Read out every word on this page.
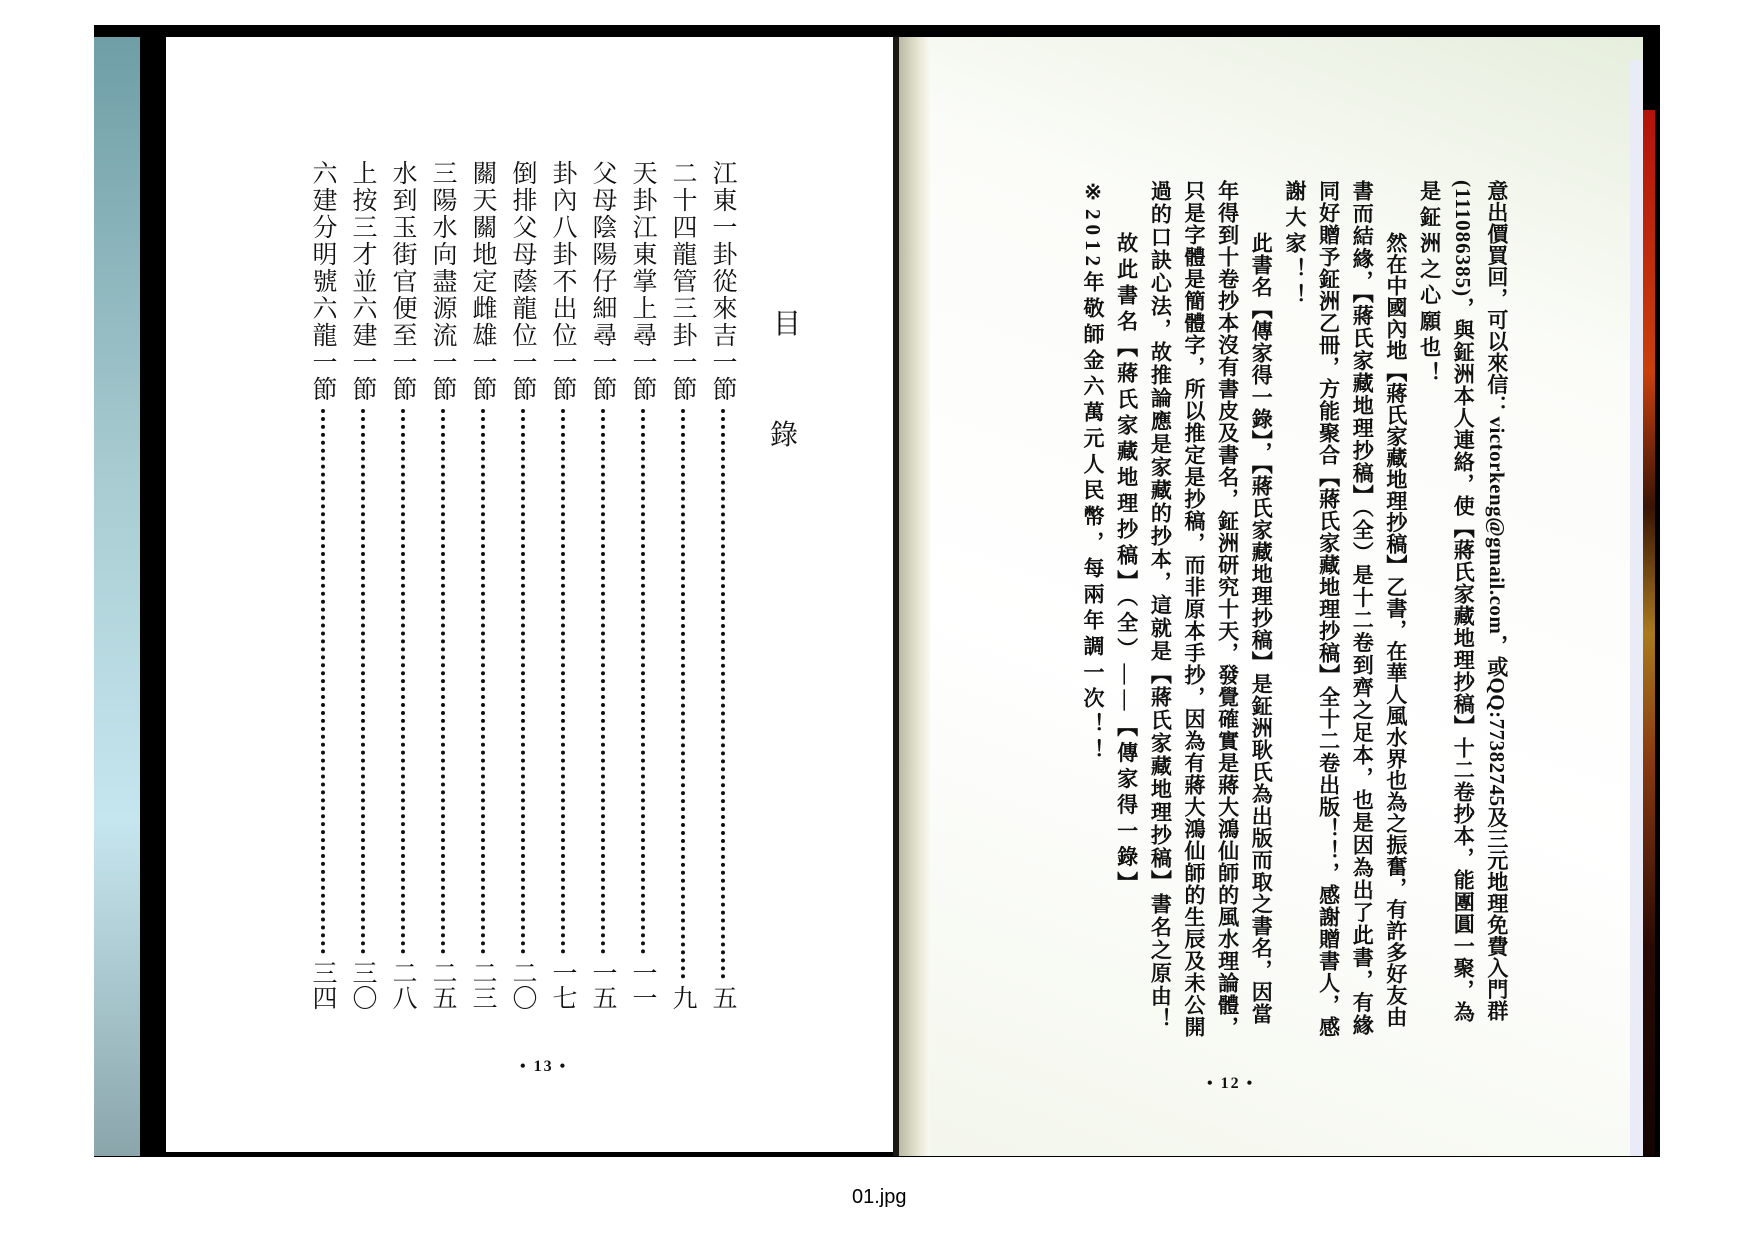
目
錄
江東一卦從來吉一節
五
二十四龍管三卦一節
九
天卦江東掌上尋一節
一一
父母陰陽仔細尋一節
一五
卦內八卦不出位一節
一七
倒排父母蔭龍位一節
二〇
關天關地定雌雄一節
二三
三陽水向盡源流一節
二五
水到玉街官便至一節
二八
上按三才並六建一節
三〇
六建分明號六龍一節
三四
• 13 •
意出價買回，可以來信：victorkeng@gmail.com，或QQ:77382745及三元地理免費入門群
(111086385)，與鉦洲本人連絡，使【蔣氏家藏地理抄稿】十二卷抄本，能團圓一聚，為
是鉦洲之心願也！
然在中國內地【蔣氏家藏地理抄稿】乙書，在華人風水界也為之振奮，有許多好友由
書而結緣，【蔣氏家藏地理抄稿】（全）是十二卷到齊之足本，也是因為出了此書，有緣
同好贈予鉦洲乙冊，方能聚合【蔣氏家藏地理抄稿】全十二卷出版！！，感謝贈書人，感
謝大家！！
此書名【傳家得一錄】，【蔣氏家藏地理抄稿】是鉦洲耿氏為出版而取之書名，因當
年得到十卷抄本沒有書皮及書名，鉦洲研究十天，發覺確實是蔣大鴻仙師的風水理論體，
只是字體是簡體字，所以推定是抄稿，而非原本手抄，因為有蔣大鴻仙師的生辰及未公開
過的口訣心法，故推論應是家藏的抄本，這就是【蔣氏家藏地理抄稿】書名之原由！
故此書名【蔣氏家藏地理抄稿】（全）——【傳家得一錄】
※2012年敬師金六萬元人民幣，每兩年調一次！！
• 12 •
01.jpg
